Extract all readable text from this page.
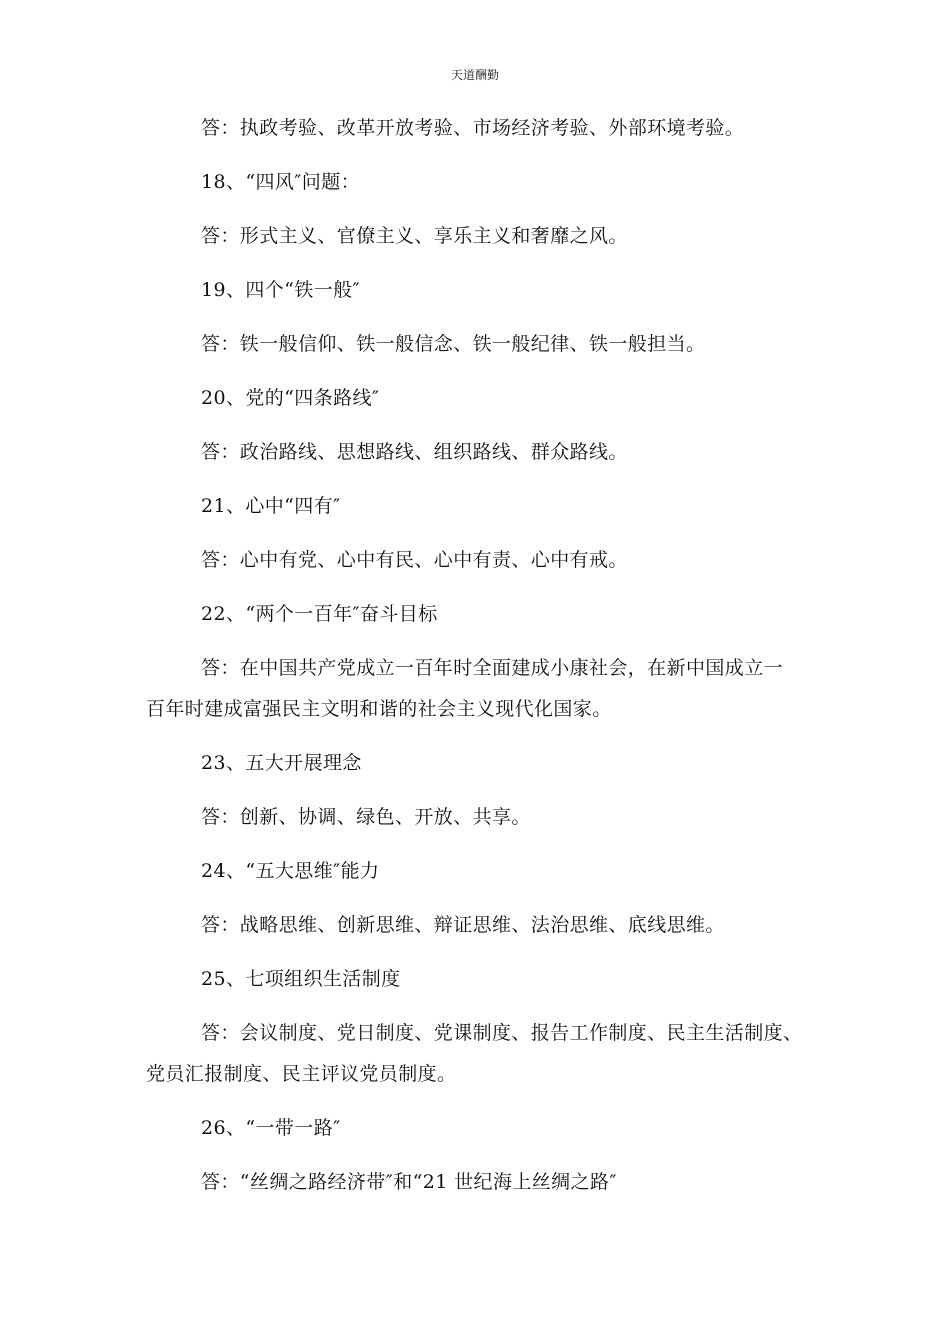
天道酬勤

答：执政考验、改革开放考验、市场经济考验、外部环境考验。

18、“四风″问题：

答：形式主义、官僚主义、享乐主义和奢靡之风。

19、四个“铁一般″

答：铁一般信仰、铁一般信念、铁一般纪律、铁一般担当。

20、党的“四条路线″

答：政治路线、思想路线、组织路线、群众路线。

21、心中“四有″

答：心中有党、心中有民、心中有责、心中有戒。

22、“两个一百年″奋斗目标

答：在中国共产党成立一百年时全面建成小康社会，在新中国成立一 百年时建成富强民主文明和谐的社会主义现代化国家。

23、五大开展理念

答：创新、协调、绿色、开放、共享。

24、“五大思维″能力

答：战略思维、创新思维、辩证思维、法治思维、底线思维。

25、七项组织生活制度

答：会议制度、党日制度、党课制度、报告工作制度、民主生活制度、 党员汇报制度、民主评议党员制度。

26、“一带一路″

答：“丝绸之路经济带″和“21 世纪海上丝绸之路″
